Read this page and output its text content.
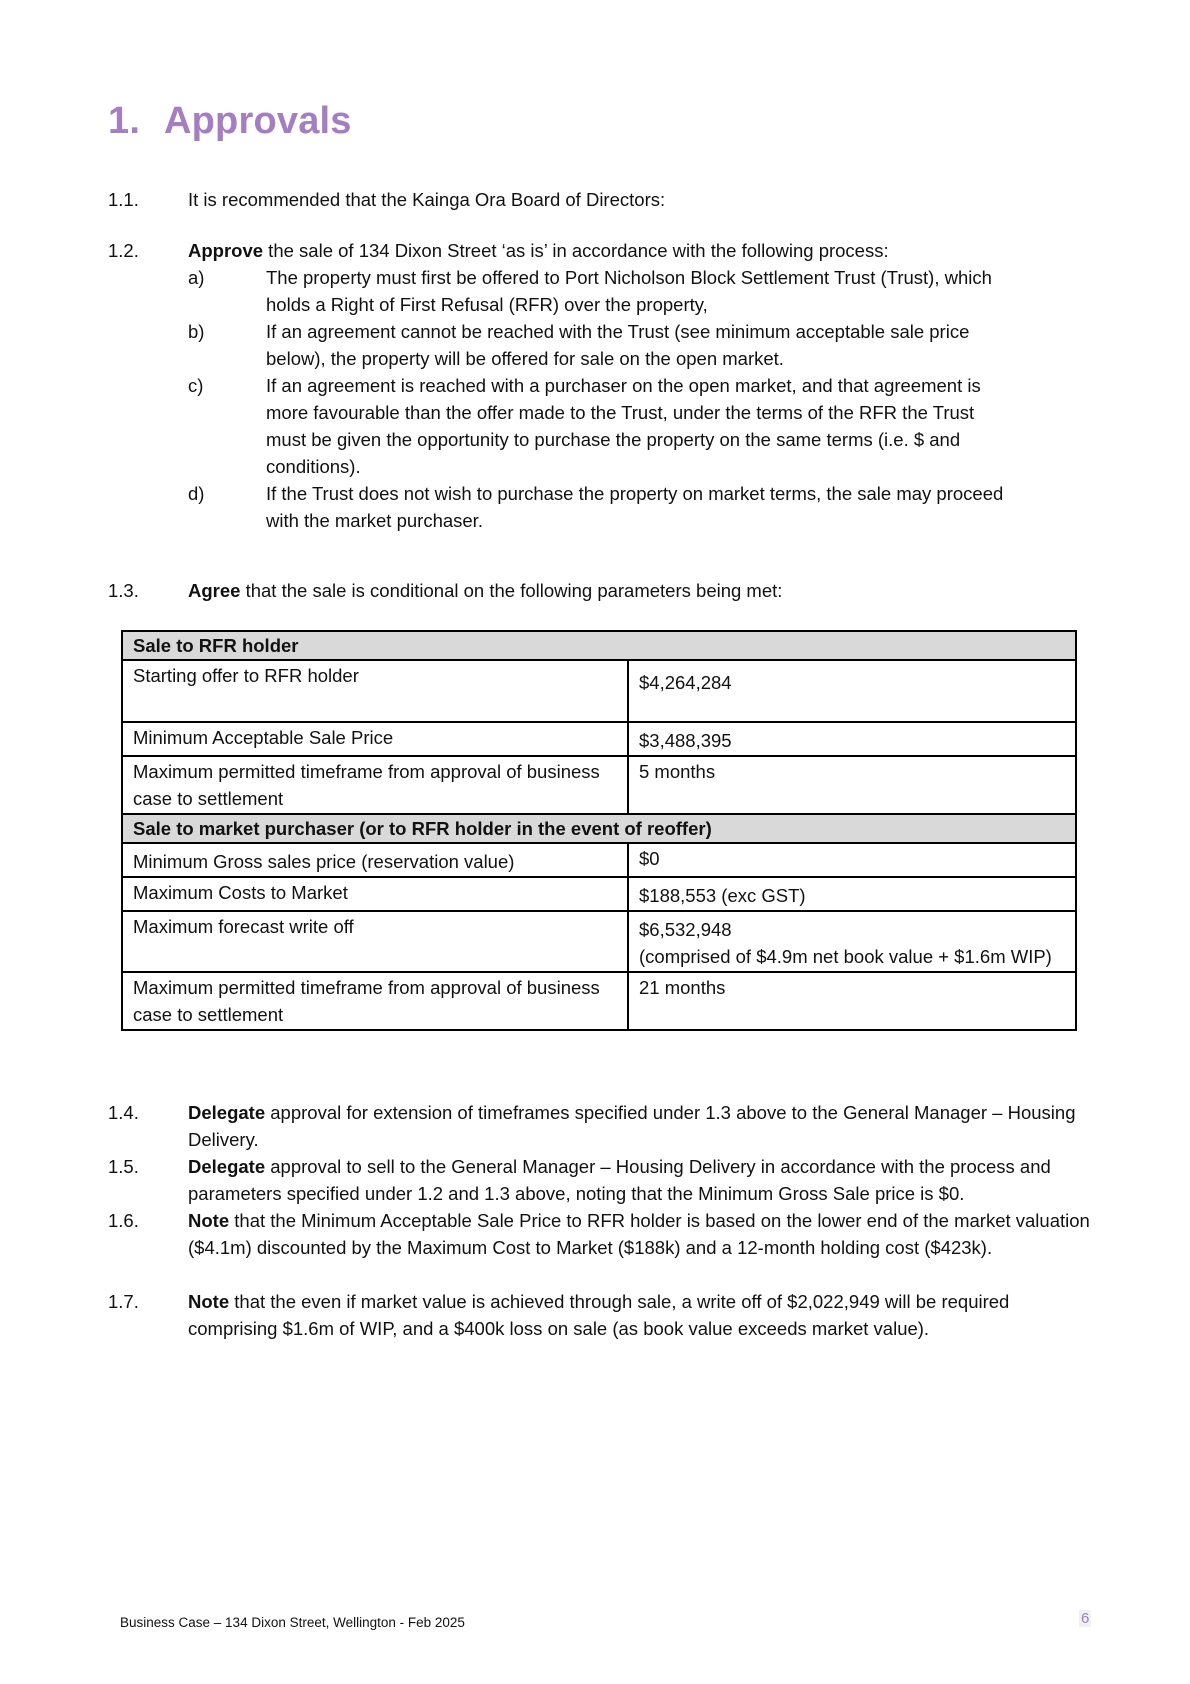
1. Approvals
1.1.	It is recommended that the Kainga Ora Board of Directors:
1.2.	Approve the sale of 134 Dixon Street ‘as is’ in accordance with the following process:
a)	The property must first be offered to Port Nicholson Block Settlement Trust (Trust), which holds a Right of First Refusal (RFR) over the property,
b)	If an agreement cannot be reached with the Trust (see minimum acceptable sale price below), the property will be offered for sale on the open market.
c)	If an agreement is reached with a purchaser on the open market, and that agreement is more favourable than the offer made to the Trust, under the terms of the RFR the Trust must be given the opportunity to purchase the property on the same terms (i.e. $ and conditions).
d)	If the Trust does not wish to purchase the property on market terms, the sale may proceed with the market purchaser.
1.3.	Agree that the sale is conditional on the following parameters being met:
Sale to RFR holder	
Starting offer to RFR holder	$4,264,284
Minimum Acceptable Sale Price	$3,488,395
Maximum permitted timeframe from approval of business case to settlement	5 months
Sale to market purchaser (or to RFR holder in the event of reoffer)	
Minimum Gross sales price (reservation value)	$0
Maximum Costs to Market	$188,553 (exc GST)
Maximum forecast write off	$6,532,948
(comprised of $4.9m net book value + $1.6m WIP)

Maximum permitted timeframe from approval of business case to settlement	21 months
1.4.	Delegate approval for extension of timeframes specified under 1.3 above to the General Manager – Housing Delivery.
1.5.	Delegate approval to sell to the General Manager – Housing Delivery in accordance with the process and parameters specified under 1.2 and 1.3 above, noting that the Minimum Gross Sale price is $0.
1.6.	Note that the Minimum Acceptable Sale Price to RFR holder is based on the lower end of the market valuation ($4.1m) discounted by the Maximum Cost to Market ($188k) and a 12-month holding cost ($423k).
1.7.	Note that the even if market value is achieved through sale, a write off of $2,022,949 will be required comprising $1.6m of WIP, and a $400k loss on sale (as book value exceeds market value).
Business Case – 134 Dixon Street, Wellington - Feb 2025	6
